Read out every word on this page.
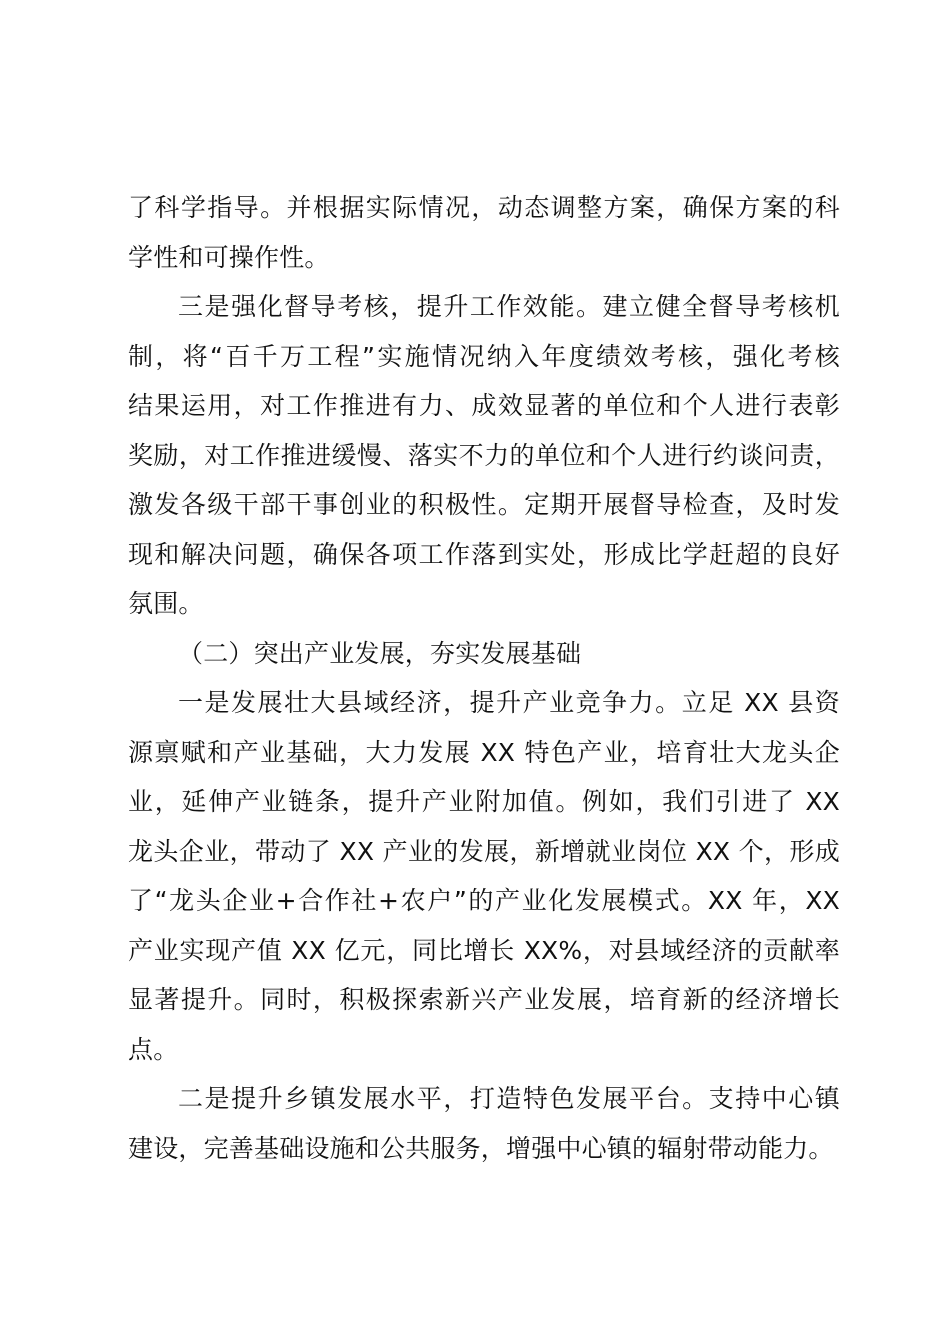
了科学指导。并根据实际情况，动态调整方案，确保方案的科
学性和可操作性。
三是强化督导考核，提升工作效能。建立健全督导考核机
制，将“百千万工程”实施情况纳入年度绩效考核，强化考核
结果运用，对工作推进有力、成效显著的单位和个人进行表彰
奖励，对工作推进缓慢、落实不力的单位和个人进行约谈问责，
激发各级干部干事创业的积极性。定期开展督导检查，及时发
现和解决问题，确保各项工作落到实处，形成比学赶超的良好
氛围。
（二）突出产业发展，夯实发展基础
一是发展壮大县域经济，提升产业竞争力。立足 XX 县资
源禀赋和产业基础，大力发展 XX 特色产业，培育壮大龙头企
业，延伸产业链条，提升产业附加值。例如，我们引进了 XX
龙头企业，带动了 XX 产业的发展，新增就业岗位 XX 个，形成
了“龙头企业+合作社+农户”的产业化发展模式。XX 年，XX
产业实现产值 XX 亿元，同比增长 XX%，对县域经济的贡献率
显著提升。同时，积极探索新兴产业发展，培育新的经济增长
点。
二是提升乡镇发展水平，打造特色发展平台。支持中心镇
建设，完善基础设施和公共服务，增强中心镇的辐射带动能力。
